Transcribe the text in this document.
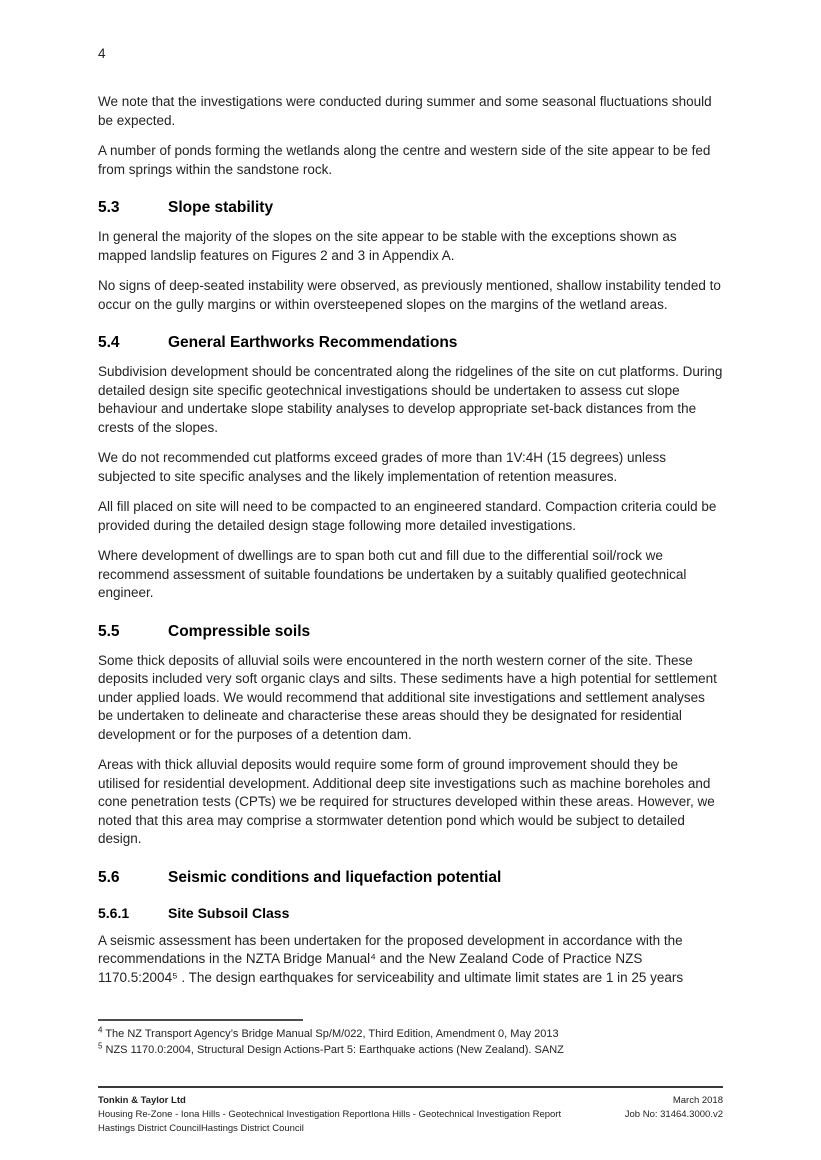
4

We note that the investigations were conducted during summer and some seasonal fluctuations should be expected.

A number of ponds forming the wetlands along the centre and western side of the site appear to be fed from springs within the sandstone rock.

5.3	Slope stability

In general the majority of the slopes on the site appear to be stable with the exceptions shown as mapped landslip features on Figures 2 and 3 in Appendix A.

No signs of deep-seated instability were observed, as previously mentioned, shallow instability tended to occur on the gully margins or within oversteepened slopes on the margins of the wetland areas.

5.4	General Earthworks Recommendations

Subdivision development should be concentrated along the ridgelines of the site on cut platforms. During detailed design site specific geotechnical investigations should be undertaken to assess cut slope behaviour and undertake slope stability analyses to develop appropriate set-back distances from the crests of the slopes.

We do not recommended cut platforms exceed grades of more than 1V:4H (15 degrees) unless subjected to site specific analyses and the likely implementation of retention measures.

All fill placed on site will need to be compacted to an engineered standard. Compaction criteria could be provided during the detailed design stage following more detailed investigations.

Where development of dwellings are to span both cut and fill due to the differential soil/rock we recommend assessment of suitable foundations be undertaken by a suitably qualified geotechnical engineer.

5.5	Compressible soils

Some thick deposits of alluvial soils were encountered in the north western corner of the site. These deposits included very soft organic clays and silts. These sediments have a high potential for settlement under applied loads. We would recommend that additional site investigations and settlement analyses be undertaken to delineate and characterise these areas should they be designated for residential development or for the purposes of a detention dam.

Areas with thick alluvial deposits would require some form of ground improvement should they be utilised for residential development. Additional deep site investigations such as machine boreholes and cone penetration tests (CPTs) we be required for structures developed within these areas. However, we noted that this area may comprise a stormwater detention pond which would be subject to detailed design.

5.6	Seismic conditions and liquefaction potential
5.6.1	Site Subsoil Class

A seismic assessment has been undertaken for the proposed development in accordance with the recommendations in the NZTA Bridge Manual⁴ and the New Zealand Code of Practice NZS 1170.5:2004⁵ . The design earthquakes for serviceability and ultimate limit states are 1 in 25 years

$^4$ The NZ Transport Agency’s Bridge Manual Sp/M/022, Third Edition, Amendment 0, May 2013
$^5$ NZS 1170.0:2004, Structural Design Actions-Part 5: Earthquake actions (New Zealand). SANZ
Tonkin & Taylor Ltd
Housing Re-Zone - Iona Hills - Geotechnical Investigation ReportIona Hills - Geotechnical Investigation Report
Hastings District CouncilHastings District Council
March 2018
Job No: 31464.3000.v2
